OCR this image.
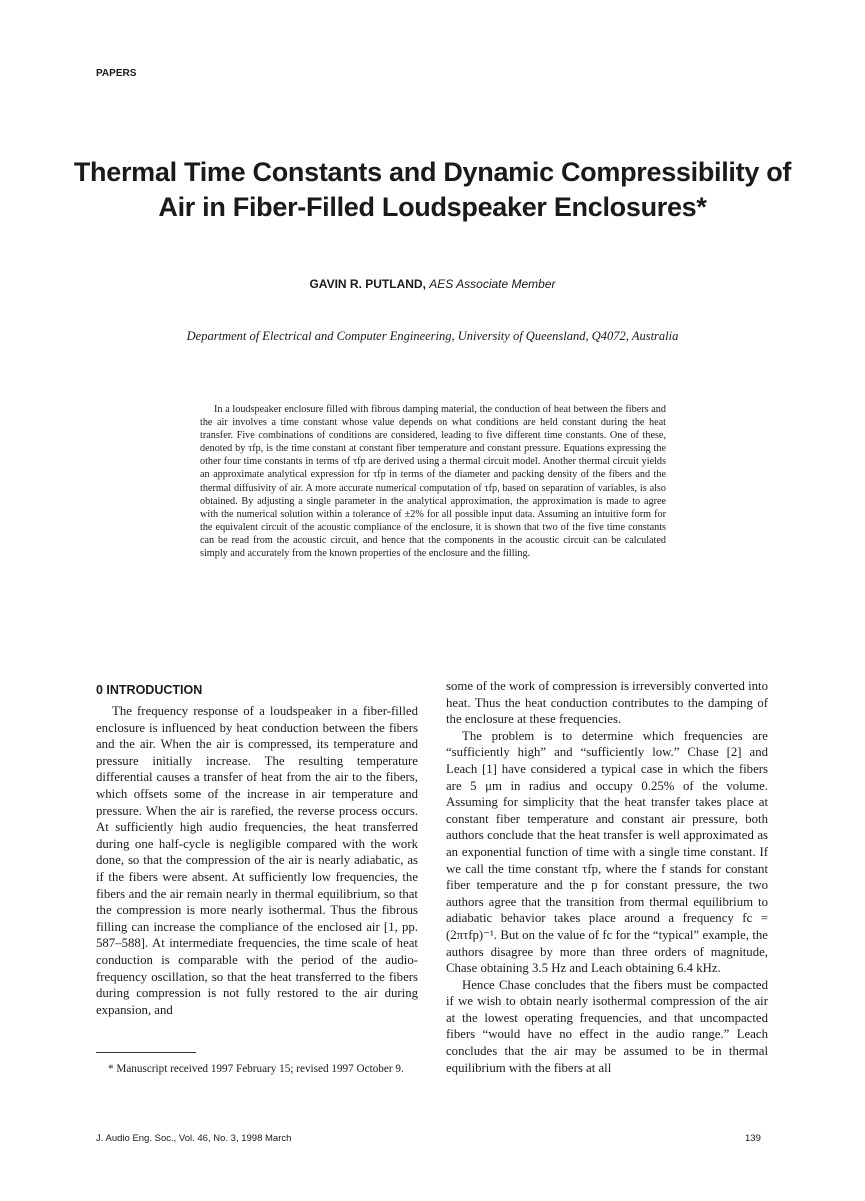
PAPERS
Thermal Time Constants and Dynamic Compressibility of
Air in Fiber-Filled Loudspeaker Enclosures*
GAVIN R. PUTLAND, AES Associate Member
Department of Electrical and Computer Engineering, University of Queensland, Q4072, Australia

In a loudspeaker enclosure filled with fibrous damping material, the conduction of heat between the fibers and the air involves a time constant whose value depends on what conditions are held constant during the heat transfer. Five combinations of conditions are considered, leading to five different time constants. One of these, denoted by τfp, is the time constant at constant fiber temperature and constant pressure. Equations expressing the other four time constants in terms of τfp are derived using a thermal circuit model. Another thermal circuit yields an approximate analytical expression for τfp in terms of the diameter and packing density of the fibers and the thermal diffusivity of air. A more accurate numerical computation of τfp, based on separation of variables, is also obtained. By adjusting a single parameter in the analytical approximation, the approximation is made to agree with the numerical solution within a tolerance of ±2% for all possible input data. Assuming an intuitive form for the equivalent circuit of the acoustic compliance of the enclosure, it is shown that two of the five time constants can be read from the acoustic circuit, and hence that the components in the acoustic circuit can be calculated simply and accurately from the known properties of the enclosure and the filling.

0 INTRODUCTION

The frequency response of a loudspeaker in a fiber-filled enclosure is influenced by heat conduction between the fibers and the air. When the air is compressed, its temperature and pressure initially increase. The resulting temperature differential causes a transfer of heat from the air to the fibers, which offsets some of the increase in air temperature and pressure. When the air is rarefied, the reverse process occurs. At sufficiently high audio frequencies, the heat transferred during one half-cycle is negligible compared with the work done, so that the compression of the air is nearly adiabatic, as if the fibers were absent. At sufficiently low frequencies, the fibers and the air remain nearly in thermal equilibrium, so that the compression is more nearly isothermal. Thus the fibrous filling can increase the compliance of the enclosed air [1, pp. 587–588]. At intermediate frequencies, the time scale of heat conduction is comparable with the period of the audio-frequency oscillation, so that the heat transferred to the fibers during compression is not fully restored to the air during expansion, and

some of the work of compression is irreversibly converted into heat. Thus the heat conduction contributes to the damping of the enclosure at these frequencies.

The problem is to determine which frequencies are “sufficiently high” and “sufficiently low.” Chase [2] and Leach [1] have considered a typical case in which the fibers are 5 μm in radius and occupy 0.25% of the volume. Assuming for simplicity that the heat transfer takes place at constant fiber temperature and constant air pressure, both authors conclude that the heat transfer is well approximated as an exponential function of time with a single time constant. If we call the time constant τfp, where the f stands for constant fiber temperature and the p for constant pressure, the two authors agree that the transition from thermal equilibrium to adiabatic behavior takes place around a frequency fc = (2πτfp)⁻¹. But on the value of fc for the “typical” example, the authors disagree by more than three orders of magnitude, Chase obtaining 3.5 Hz and Leach obtaining 6.4 kHz.

Hence Chase concludes that the fibers must be compacted if we wish to obtain nearly isothermal compression of the air at the lowest operating frequencies, and that uncompacted fibers “would have no effect in the audio range.” Leach concludes that the air may be assumed to be in thermal equilibrium with the fibers at all

* Manuscript received 1997 February 15; revised 1997 October 9.

J. Audio Eng. Soc., Vol. 46, No. 3, 1998 March	139
